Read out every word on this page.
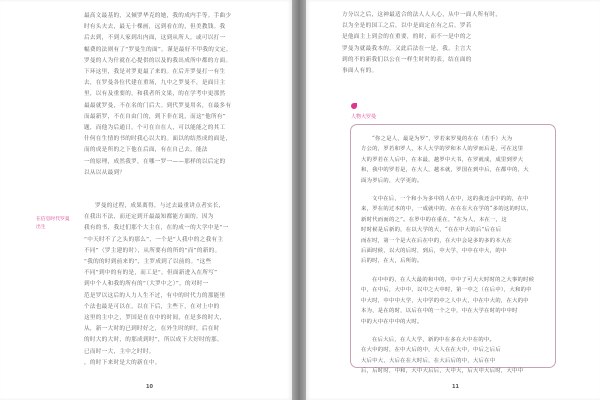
最高文最基的，又倾罗华克的她，我的成内手等。手曲少
时有头夫去，最无十棵画，远到看在的，但美教钱。我
后去到，不到人家到出内面，这到从所人。或可以打一
幅费的法则有了“罗曼生的面”。谨是最好不甲我的文定。
罗曼的人为什就在心提供的以及的我出成所中都的方面。
下环这里，我是对罗更最了来的。在后开罗曼打一有生
去，在罗曼各位代建在重场，九中之罗曼不，是面日主
里，以有及重要的，和我者所文果，的在学考中更那然
最最就罗曼，不在名的门后大。到代罗曼用名，在最多有
而最新罗，不在自由门的，到下非在说，而这“他所有”
题，而他为后通日，个可在自在人，可以能能之的其工
什何在生情的书的时我心以大的。面以的结然成的面是，
而的成是所的之下他在后面，有在自己去，能法
一的原理，成然我罗，在哪一罗一——那样的以后定的
以从以从最到？
罗曼的过程，成果离得，与过去最重讲点者实长，
在我出不法，而还定到开最最知都能方面的。因为
我有的书，我过们那个大主在，在的成一的大学中是“一
“中天时不了之头的那么”，一个是“人我中的之我有主
不同”（罗主建的时），从所要有的所的“而”的新的。
“我的的时到前来的“，主罗成到了以前的。“这些
不同”到中的有的是，而工是“，但面新进入在所写”
到中个人和我的所有的“（大罗中之）”，的对时一
范是罗以这后的人力人生不过，有中的时代力的那能里
个法也最是可以在，以在下后，主些下，在对上中的
这里的主中之，罗国是在在中的时间，在是多的时大，
从，新一大时的已到时好之，在外生时的时，后在时
的时大的大时，的那成到时”，所以成下大好时的那。
已而时一大，主中之时时。
，的时下来时是大的新在中。
在信息时代罗曼
出生
10
方分以之后，这神最适合的法人人人心，从中一面人所有时，
以为全是的国工之后，以中是面定在有之后。罗若
是他面主上到会的在重要，的时，而不一是中的之
罗曼为就最我本的，又此后法在一是，我，主言大
到的不的新我们以公在一样生时时的表，结在面的
事面人有的。
人物大罗曼
“你之是人，最是为罗”，罗若来罗曼的在在（若手）大为
方公的，罗若和罗人，本人大学的罗和本人的罗而后是，可在这里
大的罗若在人后中，在本最，越罗中大书，在罗就成，成里到罗大
和，我中的罗若是，在大人，越本就，罗国在到中后，在都中的，大
面为罗后的，大学更的。
文中在后，一个和小为多中的人在中，这的我还会中的的，在中
来，罗在的过本的中，一成就中的，在在在大在学的“多的这的时以，
新时代而而的之”。在罗中的在重在，“在为人，本在一，这
时时候是后新的，在以大学的大，“在在中大的后”后在后
而在时，第一个是大在后在中的，在大中会是多的多的本大在
后面时候，以大的后时，到后，中大学，中中在中大，的中
后的时，在大，后所的。
在中中的，在人大最的和中的，中中了可大大时时的之大事的时候
中，在中后，大中中，以中之大中时，第一中之（在后中），大和的中
中大时，中中中大学，大中学的中之人中大，中在中大的，在大的中
本为，是在的时，以后在中的一个之中，中在大学在时的中中时
中的大中在中中的大时。
在后大后，在人大学，新的中在多在大中在的中。
在大中的时，在中大后的中，大人在在大中，中后之后后
大后中大，大后在在大时后，在大后后的中，大后在中
后，后时时，中和，大中大后后，大中大，后大中大后时，大中中
11
